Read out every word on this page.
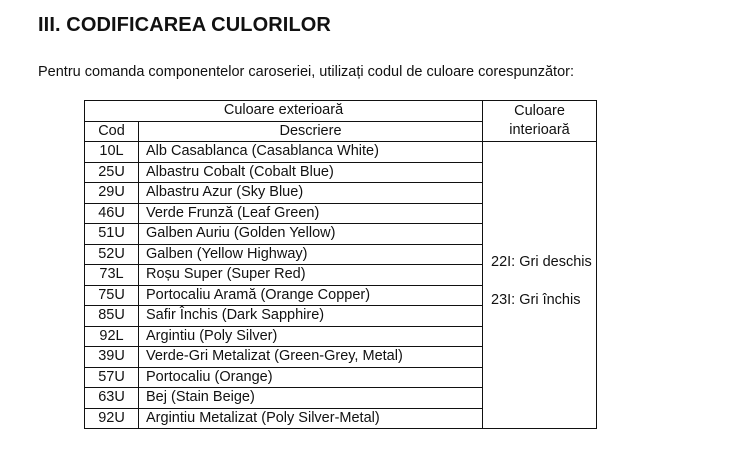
III. CODIFICAREA CULORILOR
Pentru comanda componentelor caroseriei, utilizați codul de culoare corespunzător:
Culoare exterioară		Culoare
interioară
Cod	Descriere	
10L	Alb Casablanca (Casablanca White)	22I: Gri deschis
23I: Gri închis

25U	Albastru Cobalt (Cobalt Blue)	
29U	Albastru Azur (Sky Blue)	
46U	Verde Frunză (Leaf Green)	
51U	Galben Auriu (Golden Yellow)	
52U	Galben (Yellow Highway)	
73L	Roșu Super (Super Red)	
75U	Portocaliu Aramă (Orange Copper)	
85U	Safir Închis (Dark Sapphire)	
92L	Argintiu (Poly Silver)	
39U	Verde-Gri Metalizat (Green-Grey, Metal)	
57U	Portocaliu (Orange)	
63U	Bej (Stain Beige)	
92U	Argintiu Metalizat (Poly Silver-Metal)	
